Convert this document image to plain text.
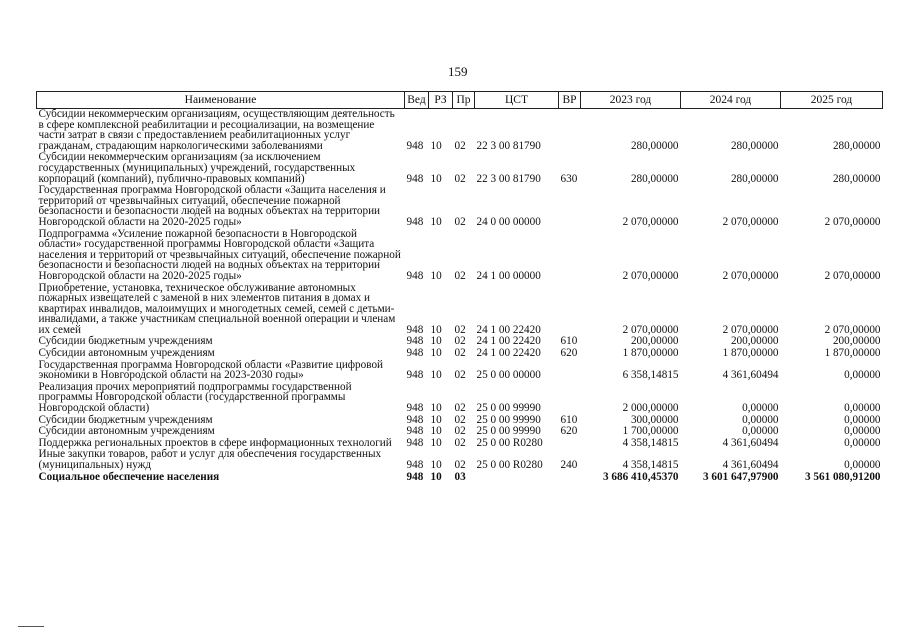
159
Наименование	Вед	РЗ	Пр	ЦСТ	ВР	2023 год	2024 год	2025 год
Субсидии некоммерческим организациям, осуществляющим деятельность в сфере комплексной реабилитации и ресоциализации, на возмещение части затрат в связи с предоставлением реабилитационных услуг гражданам, страдающим наркологическими заболеваниями	948	10	02	22 3 00 81790		280,00000	280,00000	280,00000
Субсидии некоммерческим организациям (за исключением государственных (муниципальных) учреждений, государственных корпораций (компаний), публично-правовых компаний)	948	10	02	22 3 00 81790	630	280,00000	280,00000	280,00000
Государственная программа Новгородской области «Защита населения и территорий от чрезвычайных ситуаций, обеспечение пожарной безопасности и безопасности людей на водных объектах на территории Новгородской области на 2020-2025 годы»	948	10	02	24 0 00 00000		2 070,00000	2 070,00000	2 070,00000
Подпрограмма «Усиление пожарной безопасности в Новгородской области» государственной программы Новгородской области «Защита населения и территорий от чрезвычайных ситуаций, обеспечение пожарной безопасности и безопасности людей на водных объектах на территории Новгородской области на 2020-2025 годы»	948	10	02	24 1 00 00000		2 070,00000	2 070,00000	2 070,00000
Приобретение, установка, техническое обслуживание автономных пожарных извещателей с заменой в них элементов питания в домах и квартирах инвалидов, малоимущих и многодетных семей, семей с детьми-инвалидами, а также участникам специальной военной операции и членам их семей	948	10	02	24 1 00 22420		2 070,00000	2 070,00000	2 070,00000
Субсидии бюджетным учреждениям	948	10	02	24 1 00 22420	610	200,00000	200,00000	200,00000
Субсидии автономным учреждениям	948	10	02	24 1 00 22420	620	1 870,00000	1 870,00000	1 870,00000
Государственная программа Новгородской области «Развитие цифровой экономики в Новгородской области на 2023-2030 годы»	948	10	02	25 0 00 00000		6 358,14815	4 361,60494	0,00000
Реализация прочих мероприятий подпрограммы государственной программы Новгородской области (государственной программы Новгородской области)	948	10	02	25 0 00 99990		2 000,00000	0,00000	0,00000
Субсидии бюджетным учреждениям	948	10	02	25 0 00 99990	610	300,00000	0,00000	0,00000
Субсидии автономным учреждениям	948	10	02	25 0 00 99990	620	1 700,00000	0,00000	0,00000
Поддержка региональных проектов в сфере информационных технологий	948	10	02	25 0 00 R0280		4 358,14815	4 361,60494	0,00000
Иные закупки товаров, работ и услуг для обеспечения государственных (муниципальных) нужд	948	10	02	25 0 00 R0280	240	4 358,14815	4 361,60494	0,00000
Социальное обеспечение населения	948	10	03			3 686 410,45370	3 601 647,97900	3 561 080,91200
